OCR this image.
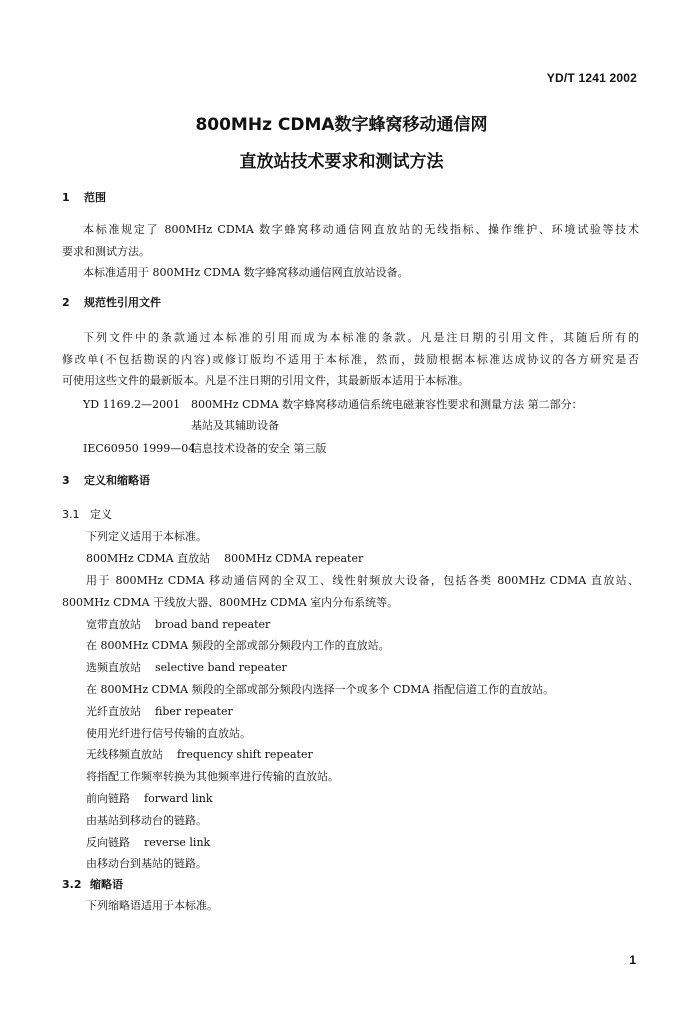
YD/T 1241 2002
800MHz CDMA数字蜂窝移动通信网
直放站技术要求和测试方法
1 范围
本标准规定了 800MHz CDMA 数字蜂窝移动通信网直放站的无线指标、操作维护、环境试验等技术
要求和测试方法。
本标准适用于 800MHz CDMA 数字蜂窝移动通信网直放站设备。
2 规范性引用文件
下列文件中的条款通过本标准的引用而成为本标准的条款。凡是注日期的引用文件，其随后所有的
修改单(不包括勘误的内容)或修订版均不适用于本标准，然而，鼓励根据本标准达成协议的各方研究是否
可使用这些文件的最新版本。凡是不注日期的引用文件，其最新版本适用于本标准。
YD 1169.2—2001 800MHz CDMA 数字蜂窝移动通信系统电磁兼容性要求和测量方法 第二部分：
基站及其辅助设备
IEC60950 1999—04信息技术设备的安全 第三版
3 定义和缩略语
3.1 定义
下列定义适用于本标准。
800MHz CDMA 直放站 800MHz CDMA repeater
用于 800MHz CDMA 移动通信网的全双工、线性射频放大设备，包括各类 800MHz CDMA 直放站、
800MHz CDMA 干线放大器、800MHz CDMA 室内分布系统等。
宽带直放站 broad band repeater
在 800MHz CDMA 频段的全部或部分频段内工作的直放站。
选频直放站 selective band repeater
在 800MHz CDMA 频段的全部或部分频段内选择一个或多个 CDMA 指配信道工作的直放站。
光纤直放站 fiber repeater
使用光纤进行信号传输的直放站。
无线移频直放站 frequency shift repeater
将指配工作频率转换为其他频率进行传输的直放站。
前向链路 forward link
由基站到移动台的链路。
反向链路 reverse link
由移动台到基站的链路。
3.2 缩略语
下列缩略语适用于本标准。
1
